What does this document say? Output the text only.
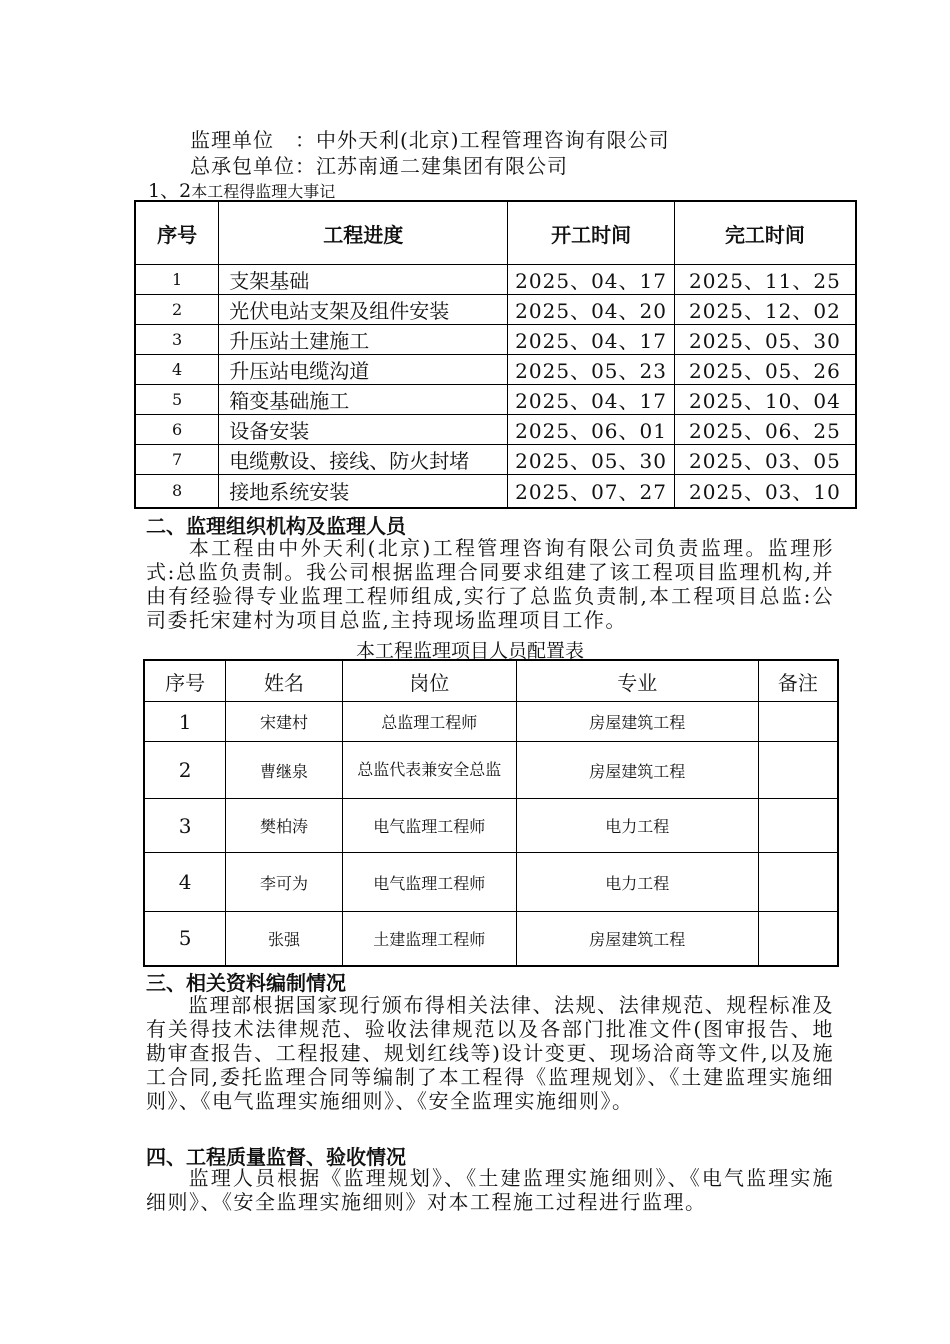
监理单位　：中外天利(北京)工程管理咨询有限公司
总承包单位：江苏南通二建集团有限公司
1、2本工程得监理大事记
序号	工程进度	开工时间	完工时间
1	支架基础	2025、04、17	2025、11、25
2	光伏电站支架及组件安装	2025、04、20	2025、12、02
3	升压站土建施工	2025、04、17	2025、05、30
4	升压站电缆沟道	2025、05、23	2025、05、26
5	箱变基础施工	2025、04、17	2025、10、04
6	设备安装	2025、06、01	2025、06、25
7	电缆敷设、接线、防火封堵	2025、05、30	2025、03、05
8	接地系统安装	2025、07、27	2025、03、10
二、监理组织机构及监理人员
本工程由中外天利(北京)工程管理咨询有限公司负责监理。监理形式:总监负责制。我公司根据监理合同要求组建了该工程项目监理机构,并由有经验得专业监理工程师组成,实行了总监负责制,本工程项目总监:公司委托宋建村为项目总监,主持现场监理项目工作。
本工程监理项目人员配置表
序号	姓名	岗位	专业	备注
1	宋建村	总监理工程师	房屋建筑工程	
2	曹继泉	总监代表兼安全总监	房屋建筑工程	
3	樊柏涛	电气监理工程师	电力工程	
4	李可为	电气监理工程师	电力工程	
5	张强	土建监理工程师	房屋建筑工程	
三、相关资料编制情况
监理部根据国家现行颁布得相关法律、法规、法律规范、规程标准及有关得技术法律规范、验收法律规范以及各部门批准文件(图审报告、地勘审查报告、工程报建、规划红线等)设计变更、现场洽商等文件,以及施工合同,委托监理合同等编制了本工程得《监理规划》、《土建监理实施细则》、《电气监理实施细则》、《安全监理实施细则》。
四、工程质量监督、验收情况
监理人员根据《监理规划》、《土建监理实施细则》、《电气监理实施细则》、《安全监理实施细则》对本工程施工过程进行监理。
